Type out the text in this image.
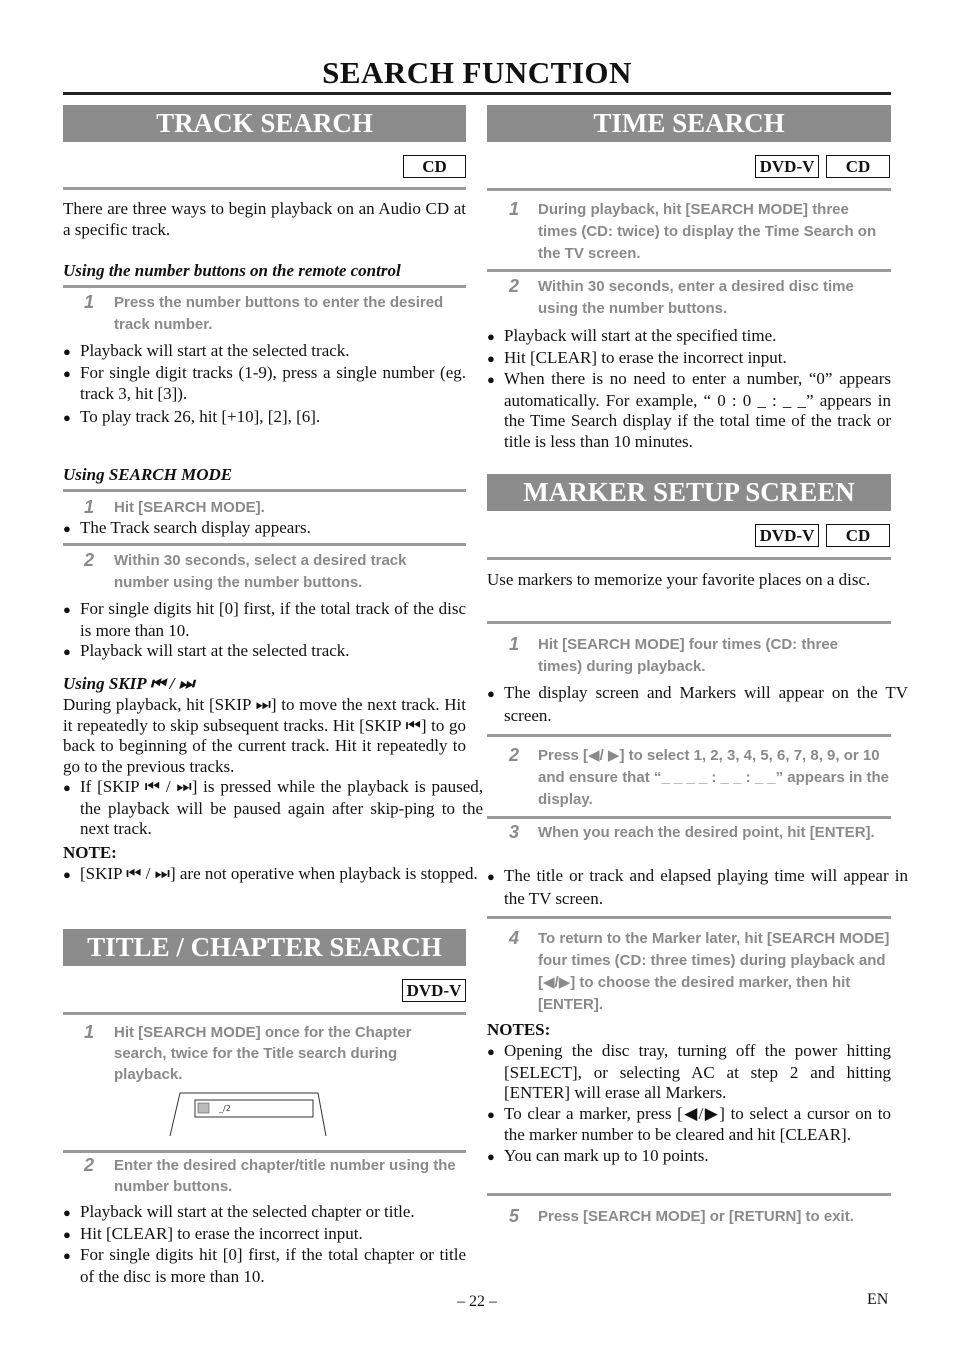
SEARCH FUNCTION
TRACK SEARCH
CD
There are three ways to begin playback on an Audio CD at a specific track.
Using the number buttons on the remote control
1 Press the number buttons to enter the desired track number.
● Playback will start at the selected track.
● For single digit tracks (1-9), press a single number (eg. track 3, hit [3]).
● To play track 26, hit [+10], [2], [6].
Using SEARCH MODE
1 Hit [SEARCH MODE].
● The Track search display appears.
2 Within 30 seconds, select a desired track number using the number buttons.
● For single digits hit [0] first, if the total track of the disc is more than 10.
● Playback will start at the selected track.
Using SKIP ⏮ / ⏭
During playback, hit [SKIP ⏭] to move the next track. Hit it repeatedly to skip subsequent tracks. Hit [SKIP ⏮] to go back to beginning of the current track. Hit it repeatedly to go to the previous tracks.
● If [SKIP ⏮ / ⏭] is pressed while the playback is paused, the playback will be paused again after skip-ping to the next track.
NOTE:
● [SKIP ⏮ / ⏭] are not operative when playback is stopped.
TITLE / CHAPTER SEARCH
DVD-V
1 Hit [SEARCH MODE] once for the Chapter search, twice for the Title search during playback.
_/2
2 Enter the desired chapter/title number using the number buttons.
● Playback will start at the selected chapter or title.
● Hit [CLEAR] to erase the incorrect input.
● For single digits hit [0] first, if the total chapter or title of the disc is more than 10.
TIME SEARCH
DVD-V	CD
1 During playback, hit [SEARCH MODE] three times (CD: twice) to display the Time Search on the TV screen.
2 Within 30 seconds, enter a desired disc time using the number buttons.
● Playback will start at the specified time.
● Hit [CLEAR] to erase the incorrect input.
● When there is no need to enter a number, “0” appears automatically. For example, “ 0 : 0 _ : _ _” appears in the Time Search display if the total time of the track or title is less than 10 minutes.
MARKER SETUP SCREEN
DVD-V	CD
Use markers to memorize your favorite places on a disc.
1 Hit [SEARCH MODE] four times (CD: three times) during playback.
● The display screen and Markers will appear on the TV screen.
2 Press [◀/ ▶] to select 1, 2, 3, 4, 5, 6, 7, 8, 9, or 10 and ensure that “_ _ _ _ : _ _ : _ _” appears in the display.
3 When you reach the desired point, hit [ENTER].
● The title or track and elapsed playing time will appear in the TV screen.
4 To return to the Marker later, hit [SEARCH MODE] four times (CD: three times) during playback and [◀/▶] to choose the desired marker, then hit [ENTER].
NOTES:
● Opening the disc tray, turning off the power hitting [SELECT], or selecting AC at step 2 and hitting [ENTER] will erase all Markers.
● To clear a marker, press [◀/▶] to select a cursor on to the marker number to be cleared and hit [CLEAR].
● You can mark up to 10 points.
5 Press [SEARCH MODE] or [RETURN] to exit.
– 22 –	EN
